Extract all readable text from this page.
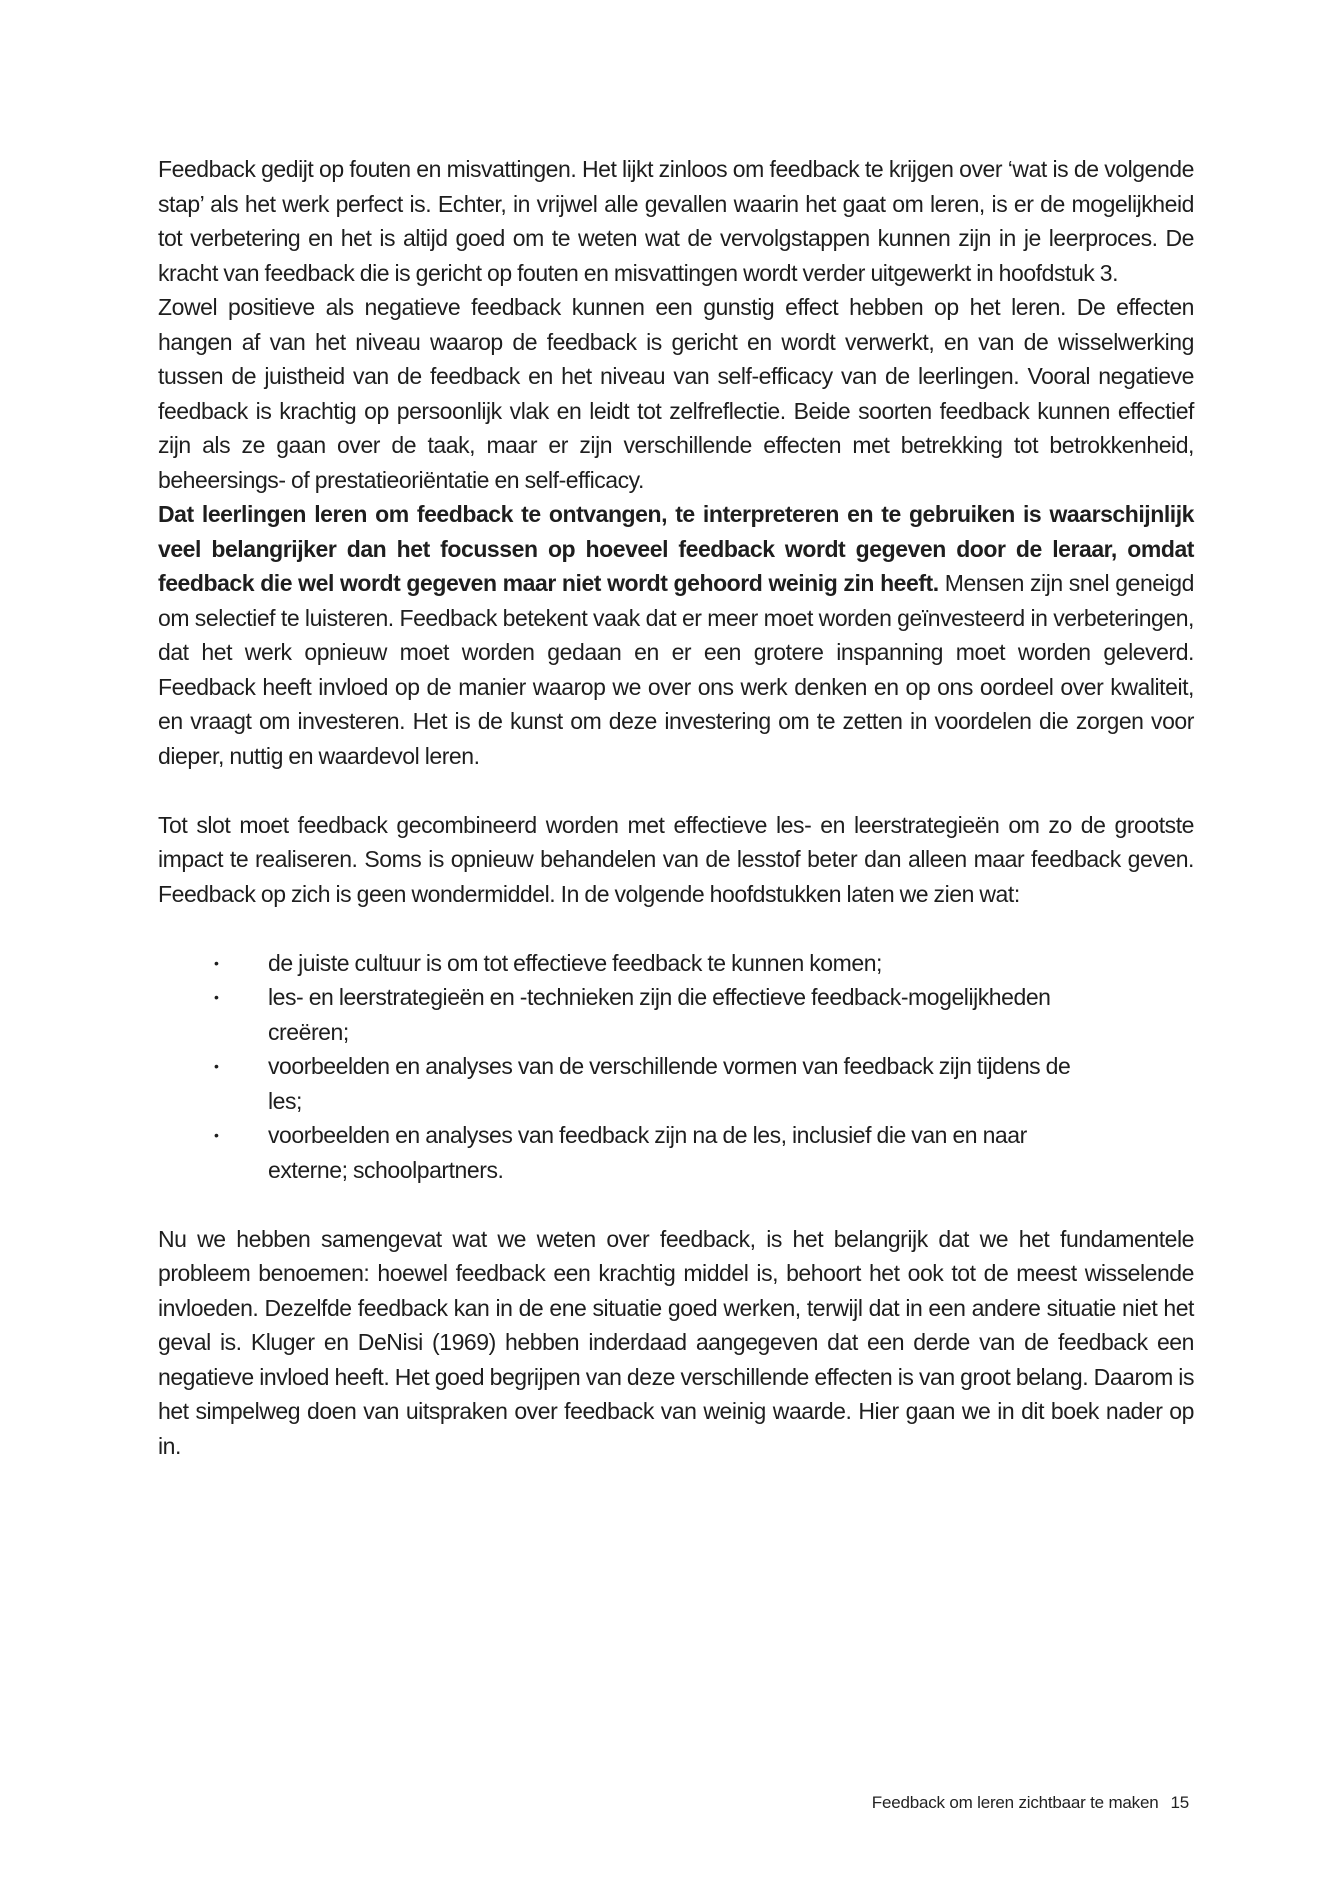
Feedback gedijt op fouten en misvattingen. Het lijkt zinloos om feedback te krijgen over ‘wat is de volgende stap’ als het werk perfect is. Echter, in vrijwel alle gevallen waarin het gaat om leren, is er de mogelijkheid tot verbetering en het is altijd goed om te weten wat de vervolgstappen kunnen zijn in je leerproces. De kracht van feedback die is gericht op fouten en misvattingen wordt verder uitgewerkt in hoofdstuk 3.

Zowel positieve als negatieve feedback kunnen een gunstig effect hebben op het leren. De effecten hangen af van het niveau waarop de feedback is gericht en wordt verwerkt, en van de wisselwerking tussen de juistheid van de feedback en het niveau van self-efficacy van de leerlingen. Vooral negatieve feedback is krachtig op persoonlijk vlak en leidt tot zelfreflectie. Beide soorten feedback kunnen effectief zijn als ze gaan over de taak, maar er zijn verschillende effecten met betrekking tot betrokkenheid, beheersings- of prestatieoriëntatie en self-efficacy.

Dat leerlingen leren om feedback te ontvangen, te interpreteren en te gebruiken is waarschijnlijk veel belangrijker dan het focussen op hoeveel feedback wordt gegeven door de leraar, omdat feedback die wel wordt gegeven maar niet wordt gehoord weinig zin heeft. Mensen zijn snel geneigd om selectief te luisteren. Feedback betekent vaak dat er meer moet worden geïnvesteerd in verbeteringen, dat het werk opnieuw moet worden gedaan en er een grotere inspanning moet worden geleverd. Feedback heeft invloed op de manier waarop we over ons werk denken en op ons oordeel over kwaliteit, en vraagt om investeren. Het is de kunst om deze investering om te zetten in voordelen die zorgen voor dieper, nuttig en waardevol leren.

Tot slot moet feedback gecombineerd worden met effectieve les- en leerstrategieën om zo de grootste impact te realiseren. Soms is opnieuw behandelen van de lesstof beter dan alleen maar feedback geven. Feedback op zich is geen wondermiddel. In de volgende hoofdstukken laten we zien wat:

• de juiste cultuur is om tot effectieve feedback te kunnen komen;
• les- en leerstrategieën en -technieken zijn die effectieve feedback-mogelijkheden creëren;
• voorbeelden en analyses van de verschillende vormen van feedback zijn tijdens de les;
• voorbeelden en analyses van feedback zijn na de les, inclusief die van en naar externe; schoolpartners.

Nu we hebben samengevat wat we weten over feedback, is het belangrijk dat we het fundamentele probleem benoemen: hoewel feedback een krachtig middel is, behoort het ook tot de meest wisselende invloeden. Dezelfde feedback kan in de ene situatie goed werken, terwijl dat in een andere situatie niet het geval is. Kluger en DeNisi (1969) hebben inderdaad aangegeven dat een derde van de feedback een negatieve invloed heeft. Het goed begrijpen van deze verschillende effecten is van groot belang. Daarom is het simpelweg doen van uitspraken over feedback van weinig waarde. Hier gaan we in dit boek nader op in.

Feedback om leren zichtbaar te maken 15
